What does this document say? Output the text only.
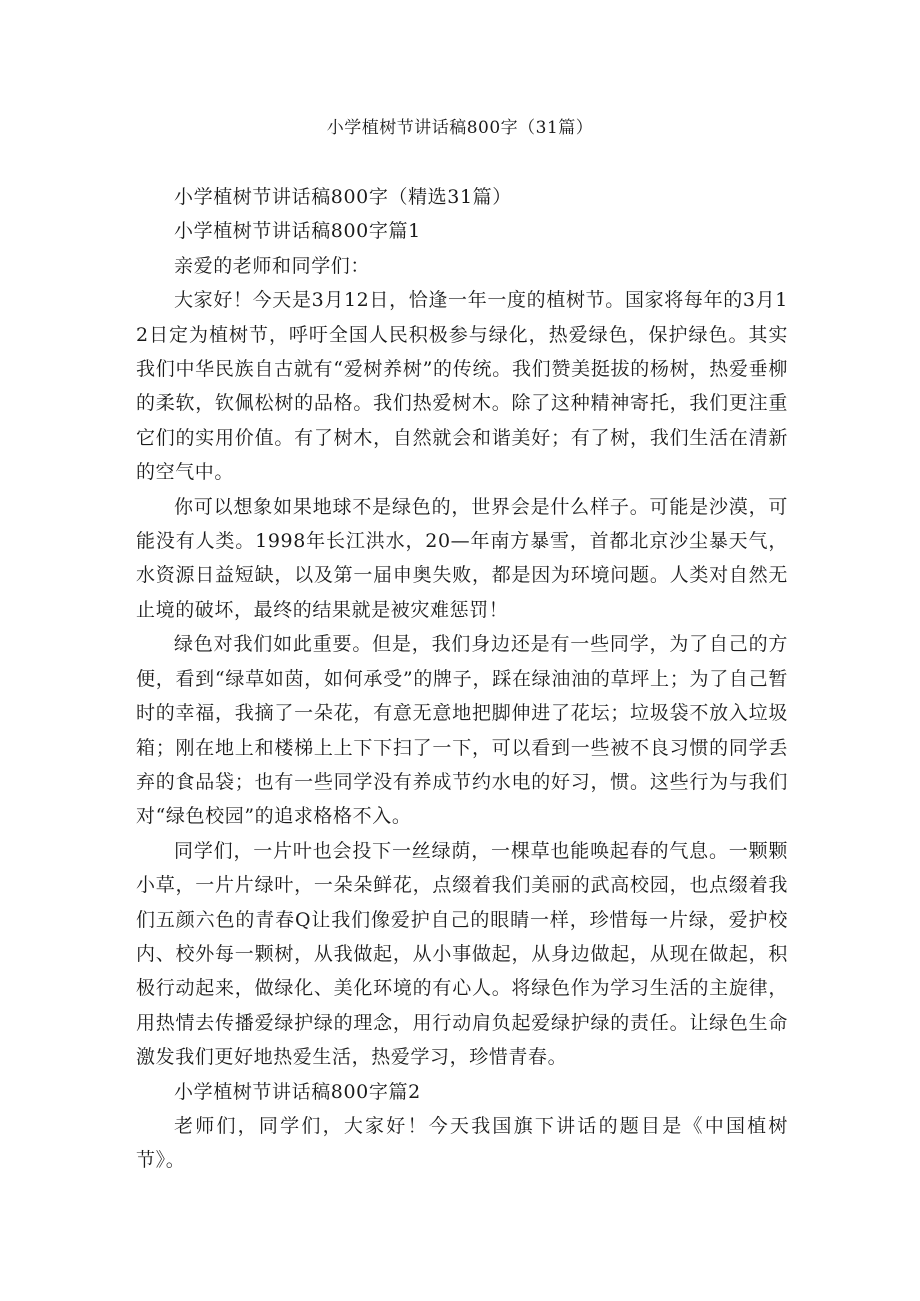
小学植树节讲话稿800字（31篇）

小学植树节讲话稿800字（精选31篇）

小学植树节讲话稿800字篇1

亲爱的老师和同学们：

大家好！今天是3月12日，恰逢一年一度的植树节。国家将每年的3月12日定为植树节，呼吁全国人民积极参与绿化，热爱绿色，保护绿色。其实我们中华民族自古就有“爱树养树”的传统。我们赞美挺拔的杨树，热爱垂柳的柔软，钦佩松树的品格。我们热爱树木。除了这种精神寄托，我们更注重它们的实用价值。有了树木，自然就会和谐美好；有了树，我们生活在清新的空气中。

你可以想象如果地球不是绿色的，世界会是什么样子。可能是沙漠，可能没有人类。1998年长江洪水，20—年南方暴雪，首都北京沙尘暴天气，水资源日益短缺，以及第一届申奥失败，都是因为环境问题。人类对自然无止境的破坏，最终的结果就是被灾难惩罚！

绿色对我们如此重要。但是，我们身边还是有一些同学，为了自己的方便，看到“绿草如茵，如何承受”的牌子，踩在绿油油的草坪上；为了自己暂时的幸福，我摘了一朵花，有意无意地把脚伸进了花坛；垃圾袋不放入垃圾箱；刚在地上和楼梯上上下下扫了一下，可以看到一些被不良习惯的同学丢弃的食品袋；也有一些同学没有养成节约水电的好习，惯。这些行为与我们对“绿色校园”的追求格格不入。

同学们，一片叶也会投下一丝绿荫，一棵草也能唤起春的气息。一颗颗小草，一片片绿叶，一朵朵鲜花，点缀着我们美丽的武高校园，也点缀着我们五颜六色的青春Q让我们像爱护自己的眼睛一样，珍惜每一片绿，爱护校内、校外每一颗树，从我做起，从小事做起，从身边做起，从现在做起，积极行动起来，做绿化、美化环境的有心人。将绿色作为学习生活的主旋律，用热情去传播爱绿护绿的理念，用行动肩负起爱绿护绿的责任。让绿色生命激发我们更好地热爱生活，热爱学习，珍惜青春。

小学植树节讲话稿800字篇2

老师们，同学们，大家好！今天我国旗下讲话的题目是《中国植树节》。
